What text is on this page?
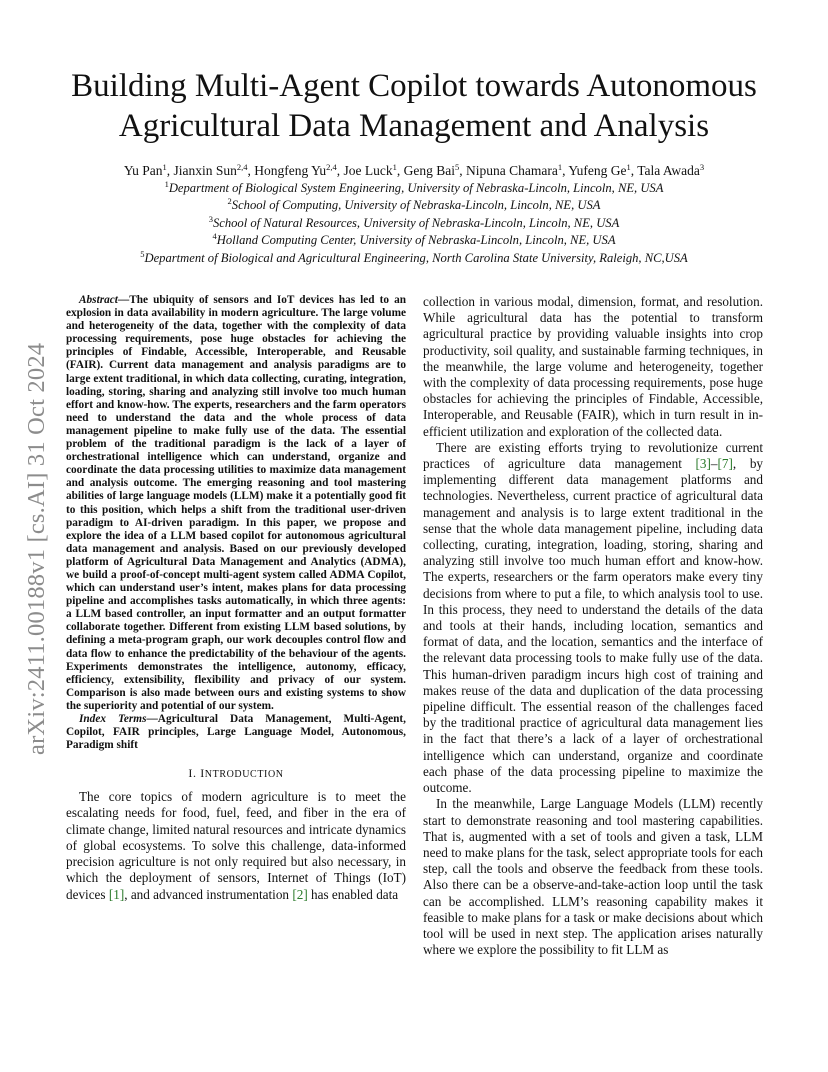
Building Multi-Agent Copilot towards Autonomous Agricultural Data Management and Analysis
Yu Pan$^1$, Jianxin Sun$^{2,4}$, Hongfeng Yu$^{2,4}$, Joe Luck$^1$, Geng Bai$^5$, Nipuna Chamara$^1$, Yufeng Ge$^1$, Tala Awada$^3$
$^1$Department of Biological System Engineering, University of Nebraska-Lincoln, Lincoln, NE, USA
$^2$School of Computing, University of Nebraska-Lincoln, Lincoln, NE, USA
$^3$School of Natural Resources, University of Nebraska-Lincoln, Lincoln, NE, USA
$^4$Holland Computing Center, University of Nebraska-Lincoln, Lincoln, NE, USA
$^5$Department of Biological and Agricultural Engineering, North Carolina State University, Raleigh, NC,USA
arXiv:2411.00188v1 [cs.AI] 31 Oct 2024

Abstract—The ubiquity of sensors and IoT devices has led to an explosion in data availability in modern agriculture. The large volume and heterogeneity of the data, together with the complexity of data processing requirements, pose huge obstacles for achieving the principles of Findable, Accessible, Interoperable, and Reusable (FAIR). Current data management and analysis paradigms are to large extent traditional, in which data collecting, curating, integration, loading, storing, sharing and analyzing still involve too much human effort and know-how. The experts, researchers and the farm operators need to understand the data and the whole process of data management pipeline to make fully use of the data. The essential problem of the traditional paradigm is the lack of a layer of orchestrational intelligence which can understand, organize and coordinate the data processing utilities to maximize data management and analysis outcome. The emerging reasoning and tool mastering abilities of large language models (LLM) make it a potentially good fit to this position, which helps a shift from the traditional user-driven paradigm to AI-driven paradigm. In this paper, we propose and explore the idea of a LLM based copilot for autonomous agricultural data management and analysis. Based on our previously developed platform of Agricultural Data Management and Analytics (ADMA), we build a proof-of-concept multi-agent system called ADMA Copilot, which can understand user’s intent, makes plans for data processing pipeline and accomplishes tasks automatically, in which three agents: a LLM based controller, an input formatter and an output formatter collaborate together. Different from existing LLM based solutions, by defining a meta-program graph, our work decouples control flow and data flow to enhance the predictability of the behaviour of the agents. Experiments demonstrates the intelligence, autonomy, efficacy, efficiency, extensibility, flexibility and privacy of our system. Comparison is also made between ours and existing systems to show the superiority and potential of our system.

Index Terms—Agricultural Data Management, Multi-Agent, Copilot, FAIR principles, Large Language Model, Autonomous, Paradigm shift

I. INTRODUCTION

The core topics of modern agriculture is to meet the escalating needs for food, fuel, feed, and fiber in the era of climate change, limited natural resources and intricate dynamics of global ecosystems. To solve this challenge, data-informed precision agriculture is not only required but also necessary, in which the deployment of sensors, Internet of Things (IoT) devices [1], and advanced instrumentation [2] has enabled data

collection in various modal, dimension, format, and resolution. While agricultural data has the potential to transform agricultural practice by providing valuable insights into crop productivity, soil quality, and sustainable farming techniques, in the meanwhile, the large volume and heterogeneity, together with the complexity of data processing requirements, pose huge obstacles for achieving the principles of Findable, Accessible, Interoperable, and Reusable (FAIR), which in turn result in in-efficient utilization and exploration of the collected data.

There are existing efforts trying to revolutionize current practices of agriculture data management [3]–[7], by implementing different data management platforms and technologies. Nevertheless, current practice of agricultural data management and analysis is to large extent traditional in the sense that the whole data management pipeline, including data collecting, curating, integration, loading, storing, sharing and analyzing still involve too much human effort and know-how. The experts, researchers or the farm operators make every tiny decisions from where to put a file, to which analysis tool to use. In this process, they need to understand the details of the data and tools at their hands, including location, semantics and format of data, and the location, semantics and the interface of the relevant data processing tools to make fully use of the data. This human-driven paradigm incurs high cost of training and makes reuse of the data and duplication of the data processing pipeline difficult. The essential reason of the challenges faced by the traditional practice of agricultural data management lies in the fact that there’s a lack of a layer of orchestrational intelligence which can understand, organize and coordinate each phase of the data processing pipeline to maximize the outcome.

In the meanwhile, Large Language Models (LLM) recently start to demonstrate reasoning and tool mastering capabilities. That is, augmented with a set of tools and given a task, LLM need to make plans for the task, select appropriate tools for each step, call the tools and observe the feedback from these tools. Also there can be a observe-and-take-action loop until the task can be accomplished. LLM’s reasoning capability makes it feasible to make plans for a task or make decisions about which tool will be used in next step. The application arises naturally where we explore the possibility to fit LLM as
